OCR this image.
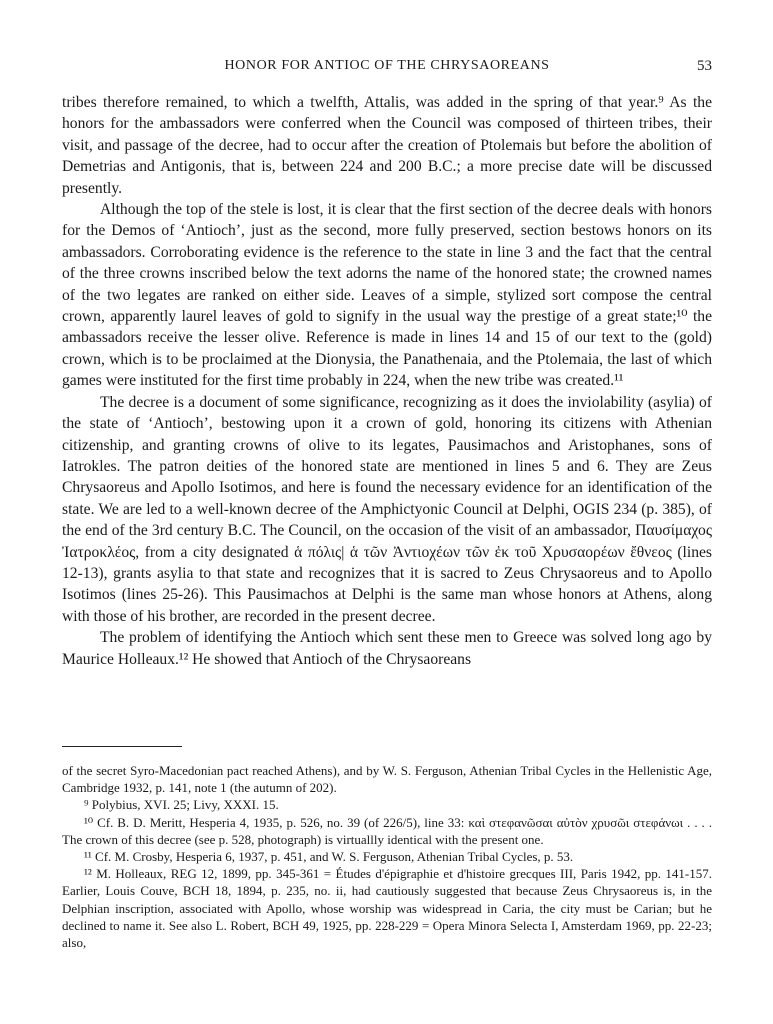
HONOR FOR ANTIOC OF THE CHRYSAOREANS	53

tribes therefore remained, to which a twelfth, Attalis, was added in the spring of that year.⁹ As the honors for the ambassadors were conferred when the Council was composed of thirteen tribes, their visit, and passage of the decree, had to occur after the creation of Ptolemais but before the abolition of Demetrias and Antigonis, that is, between 224 and 200 B.C.; a more precise date will be discussed presently.

Although the top of the stele is lost, it is clear that the first section of the decree deals with honors for the Demos of ‘Antioch’, just as the second, more fully preserved, section bestows honors on its ambassadors. Corroborating evidence is the reference to the state in line 3 and the fact that the central of the three crowns inscribed below the text adorns the name of the honored state; the crowned names of the two legates are ranked on either side. Leaves of a simple, stylized sort compose the central crown, apparently laurel leaves of gold to signify in the usual way the prestige of a great state;¹⁰ the ambassadors receive the lesser olive. Reference is made in lines 14 and 15 of our text to the (gold) crown, which is to be proclaimed at the Dionysia, the Panathenaia, and the Ptolemaia, the last of which games were instituted for the first time probably in 224, when the new tribe was created.¹¹

The decree is a document of some significance, recognizing as it does the inviolability (asylia) of the state of ‘Antioch’, bestowing upon it a crown of gold, honoring its citizens with Athenian citizenship, and granting crowns of olive to its legates, Pausimachos and Aristophanes, sons of Iatrokles. The patron deities of the honored state are mentioned in lines 5 and 6. They are Zeus Chrysaoreus and Apollo Isotimos, and here is found the necessary evidence for an identification of the state. We are led to a well-known decree of the Amphictyonic Council at Delphi, OGIS 234 (p. 385), of the end of the 3rd century B.C. The Council, on the occasion of the visit of an ambassador, Παυσίμαχος Ἰατροκλέος, from a city designated ἁ πόλις| ἁ τῶν Ἀντιοχέων τῶν ἐκ τοῦ Χρυσαορέων ἔθνεος (lines 12-13), grants asylia to that state and recognizes that it is sacred to Zeus Chrysaoreus and to Apollo Isotimos (lines 25-26). This Pausimachos at Delphi is the same man whose honors at Athens, along with those of his brother, are recorded in the present decree.

The problem of identifying the Antioch which sent these men to Greece was solved long ago by Maurice Holleaux.¹² He showed that Antioch of the Chrysaoreans

of the secret Syro-Macedonian pact reached Athens), and by W. S. Ferguson, Athenian Tribal Cycles in the Hellenistic Age, Cambridge 1932, p. 141, note 1 (the autumn of 202).

⁹ Polybius, XVI. 25; Livy, XXXI. 15.

¹⁰ Cf. B. D. Meritt, Hesperia 4, 1935, p. 526, no. 39 (of 226/5), line 33: καὶ στεφανῶσαι αὐτὸν χρυσῶι στεφάνωι . . . . The crown of this decree (see p. 528, photograph) is virtuallly identical with the present one.

¹¹ Cf. M. Crosby, Hesperia 6, 1937, p. 451, and W. S. Ferguson, Athenian Tribal Cycles, p. 53.

¹² M. Holleaux, REG 12, 1899, pp. 345-361 = Études d'épigraphie et d'histoire grecques III, Paris 1942, pp. 141-157. Earlier, Louis Couve, BCH 18, 1894, p. 235, no. ii, had cautiously suggested that because Zeus Chrysaoreus is, in the Delphian inscription, associated with Apollo, whose worship was widespread in Caria, the city must be Carian; but he declined to name it. See also L. Robert, BCH 49, 1925, pp. 228-229 = Opera Minora Selecta I, Amsterdam 1969, pp. 22-23; also,
